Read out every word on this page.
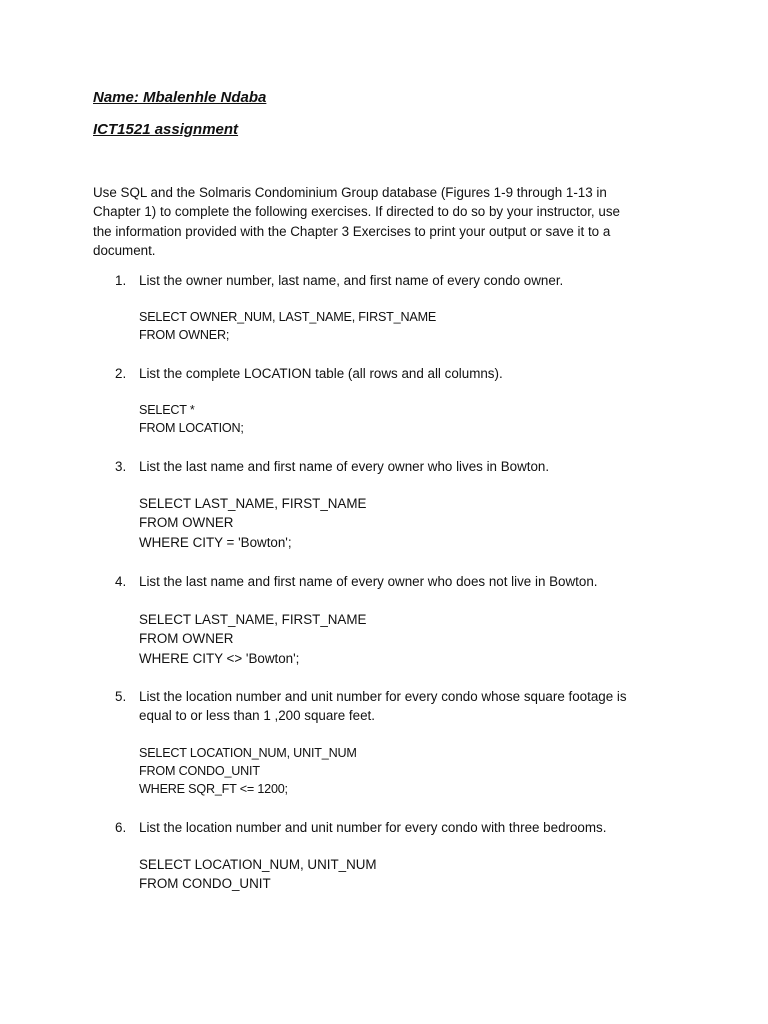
Name: Mbalenhle Ndaba
ICT1521 assignment
Use SQL and the Solmaris Condominium Group database (Figures 1-9 through 1-13 in
Chapter 1) to complete the following exercises. If directed to do so by your instructor, use
the information provided with the Chapter 3 Exercises to print your output or save it to a
document.
1. List the owner number, last name, and first name of every condo owner.
SELECT OWNER_NUM, LAST_NAME, FIRST_NAME
FROM OWNER;
2. List the complete LOCATION table (all rows and all columns).
SELECT *
FROM LOCATION;
3. List the last name and first name of every owner who lives in Bowton.
SELECT LAST_NAME, FIRST_NAME
FROM OWNER
WHERE CITY = 'Bowton';
4. List the last name and first name of every owner who does not live in Bowton.
SELECT LAST_NAME, FIRST_NAME
FROM OWNER
WHERE CITY <> 'Bowton';
5. List the location number and unit number for every condo whose square footage is
equal to or less than 1 ,200 square feet.
SELECT LOCATION_NUM, UNIT_NUM
FROM CONDO_UNIT
WHERE SQR_FT <= 1200;
6. List the location number and unit number for every condo with three bedrooms.
SELECT LOCATION_NUM, UNIT_NUM
FROM CONDO_UNIT
